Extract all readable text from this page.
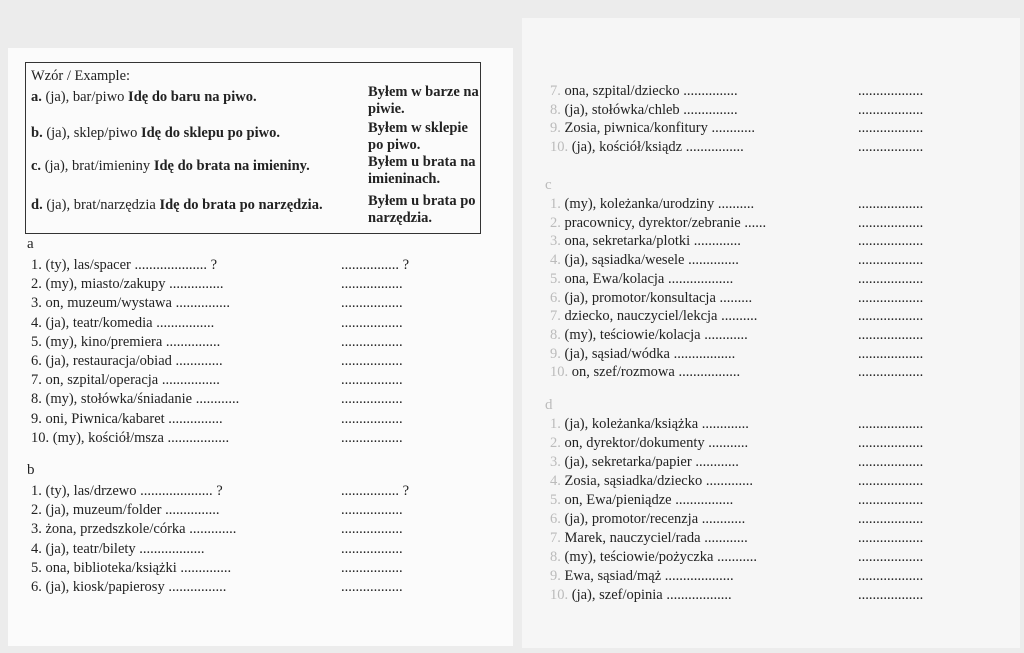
Wzór / Example:
a. (ja), bar/piwo Idę do baru na piwo.	Byłem w barze na piwie.
b. (ja), sklep/piwo Idę do sklepu po piwo.	Byłem w sklepie po piwo.
c. (ja), brat/imieniny Idę do brata na imieniny.	Byłem u brata na imieninach.
d. (ja), brat/narzędzia Idę do brata po narzędzia.	Byłem u brata po narzędzia.
a
1. (ty), las/spacer .................... ?	................ ?
2. (my), miasto/zakupy ...............	.................
3. on, muzeum/wystawa ...............	.................
4. (ja), teatr/komedia ................	.................
5. (my), kino/premiera ...............	.................
6. (ja), restauracja/obiad .............	.................
7. on, szpital/operacja ................	.................
8. (my), stołówka/śniadanie ............	.................
9. oni, Piwnica/kabaret ...............	.................
10. (my), kościół/msza .................	.................
b
1. (ty), las/drzewo .................... ?	................ ?
2. (ja), muzeum/folder ...............	.................
3. żona, przedszkole/córka .............	.................
4. (ja), teatr/bilety ..................	.................
5. ona, biblioteka/książki ..............	.................
6. (ja), kiosk/papierosy ................	.................
7. ona, szpital/dziecko ...............	..................
8. (ja), stołówka/chleb ...............	..................
9. Zosia, piwnica/konfitury ............	..................
10. (ja), kościół/ksiądz ................	..................
c
1. (my), koleżanka/urodziny ..........	..................
2. pracownicy, dyrektor/zebranie ......	..................
3. ona, sekretarka/plotki .............	..................
4. (ja), sąsiadka/wesele ..............	..................
5. ona, Ewa/kolacja ..................	..................
6. (ja), promotor/konsultacja .........	..................
7. dziecko, nauczyciel/lekcja ..........	..................
8. (my), teściowie/kolacja ............	..................
9. (ja), sąsiad/wódka .................	..................
10. on, szef/rozmowa .................	..................
d
1. (ja), koleżanka/książka .............	..................
2. on, dyrektor/dokumenty ...........	..................
3. (ja), sekretarka/papier ............	..................
4. Zosia, sąsiadka/dziecko .............	..................
5. on, Ewa/pieniądze ................	..................
6. (ja), promotor/recenzja ............	..................
7. Marek, nauczyciel/rada ............	..................
8. (my), teściowie/pożyczka ...........	..................
9. Ewa, sąsiad/mąż ...................	..................
10. (ja), szef/opinia ..................	..................
